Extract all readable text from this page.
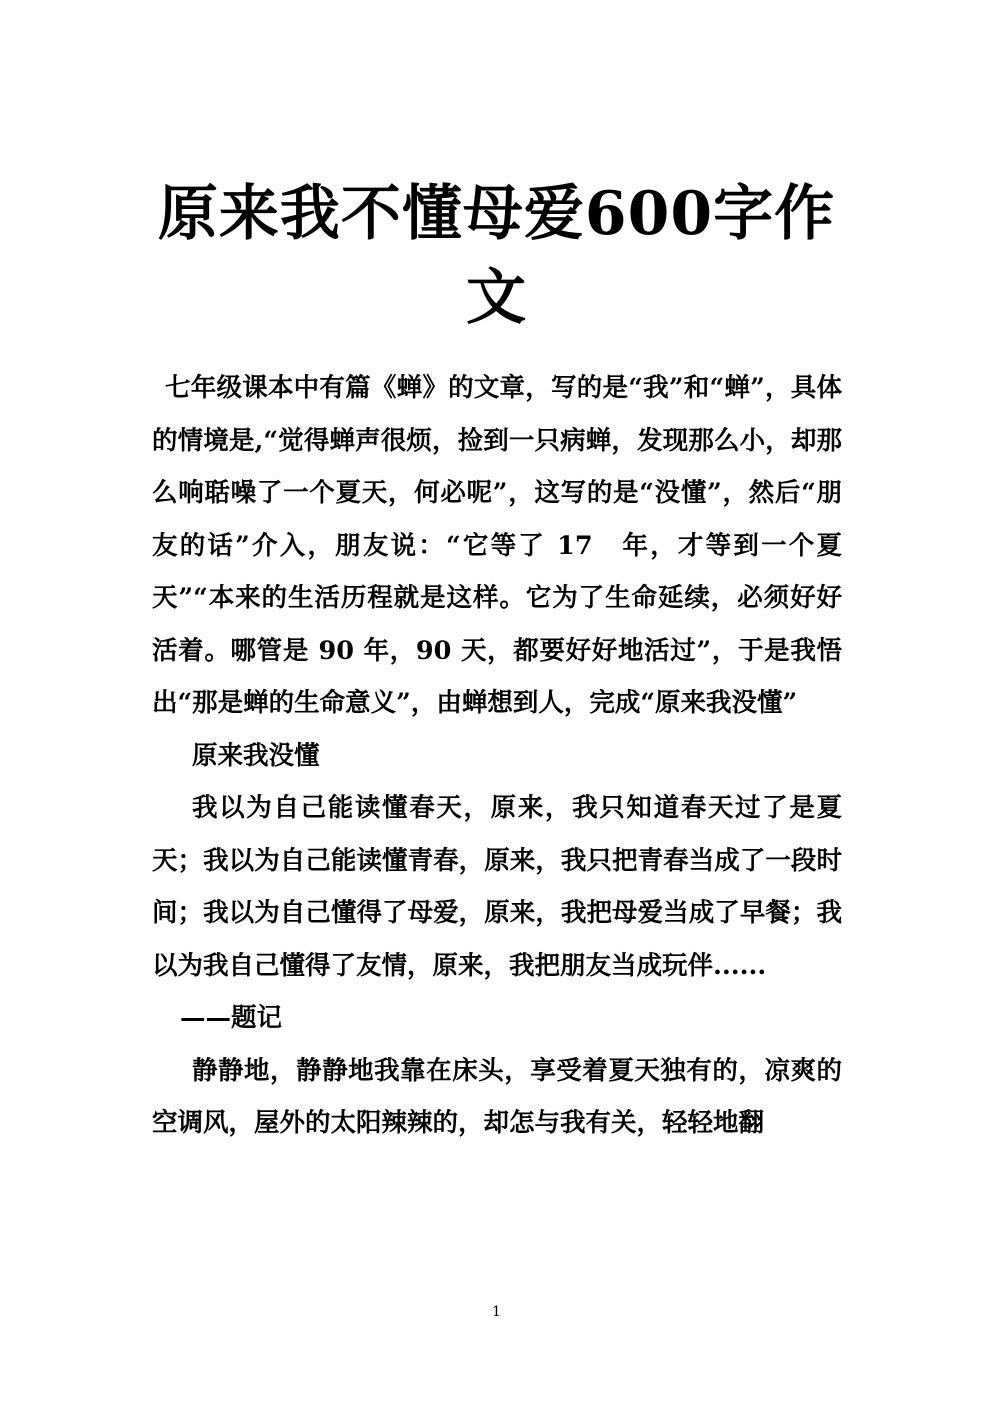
原来我不懂母爱600字作文

七年级课本中有篇《蝉》的文章，写的是“我”和“蝉”，具体的情境是,“觉得蝉声很烦，捡到一只病蝉，发现那么小，却那么响聒噪了一个夏天，何必呢”，这写的是“没懂”，然后“朋友的话”介入，朋友说：“它等了 17　年，才等到一个夏天”“本来的生活历程就是这样。它为了生命延续，必须好好活着。哪管是 90 年，90 天，都要好好地活过”，于是我悟出“那是蝉的生命意义”，由蝉想到人，完成“原来我没懂”

原来我没懂

我以为自己能读懂春天，原来，我只知道春天过了是夏天；我以为自己能读懂青春，原来，我只把青春当成了一段时间；我以为自己懂得了母爱，原来，我把母爱当成了早餐；我以为我自己懂得了友情，原来，我把朋友当成玩伴......

——题记

静静地，静静地我靠在床头，享受着夏天独有的，凉爽的空调风，屋外的太阳辣辣的，却怎与我有关，轻轻地翻

1
